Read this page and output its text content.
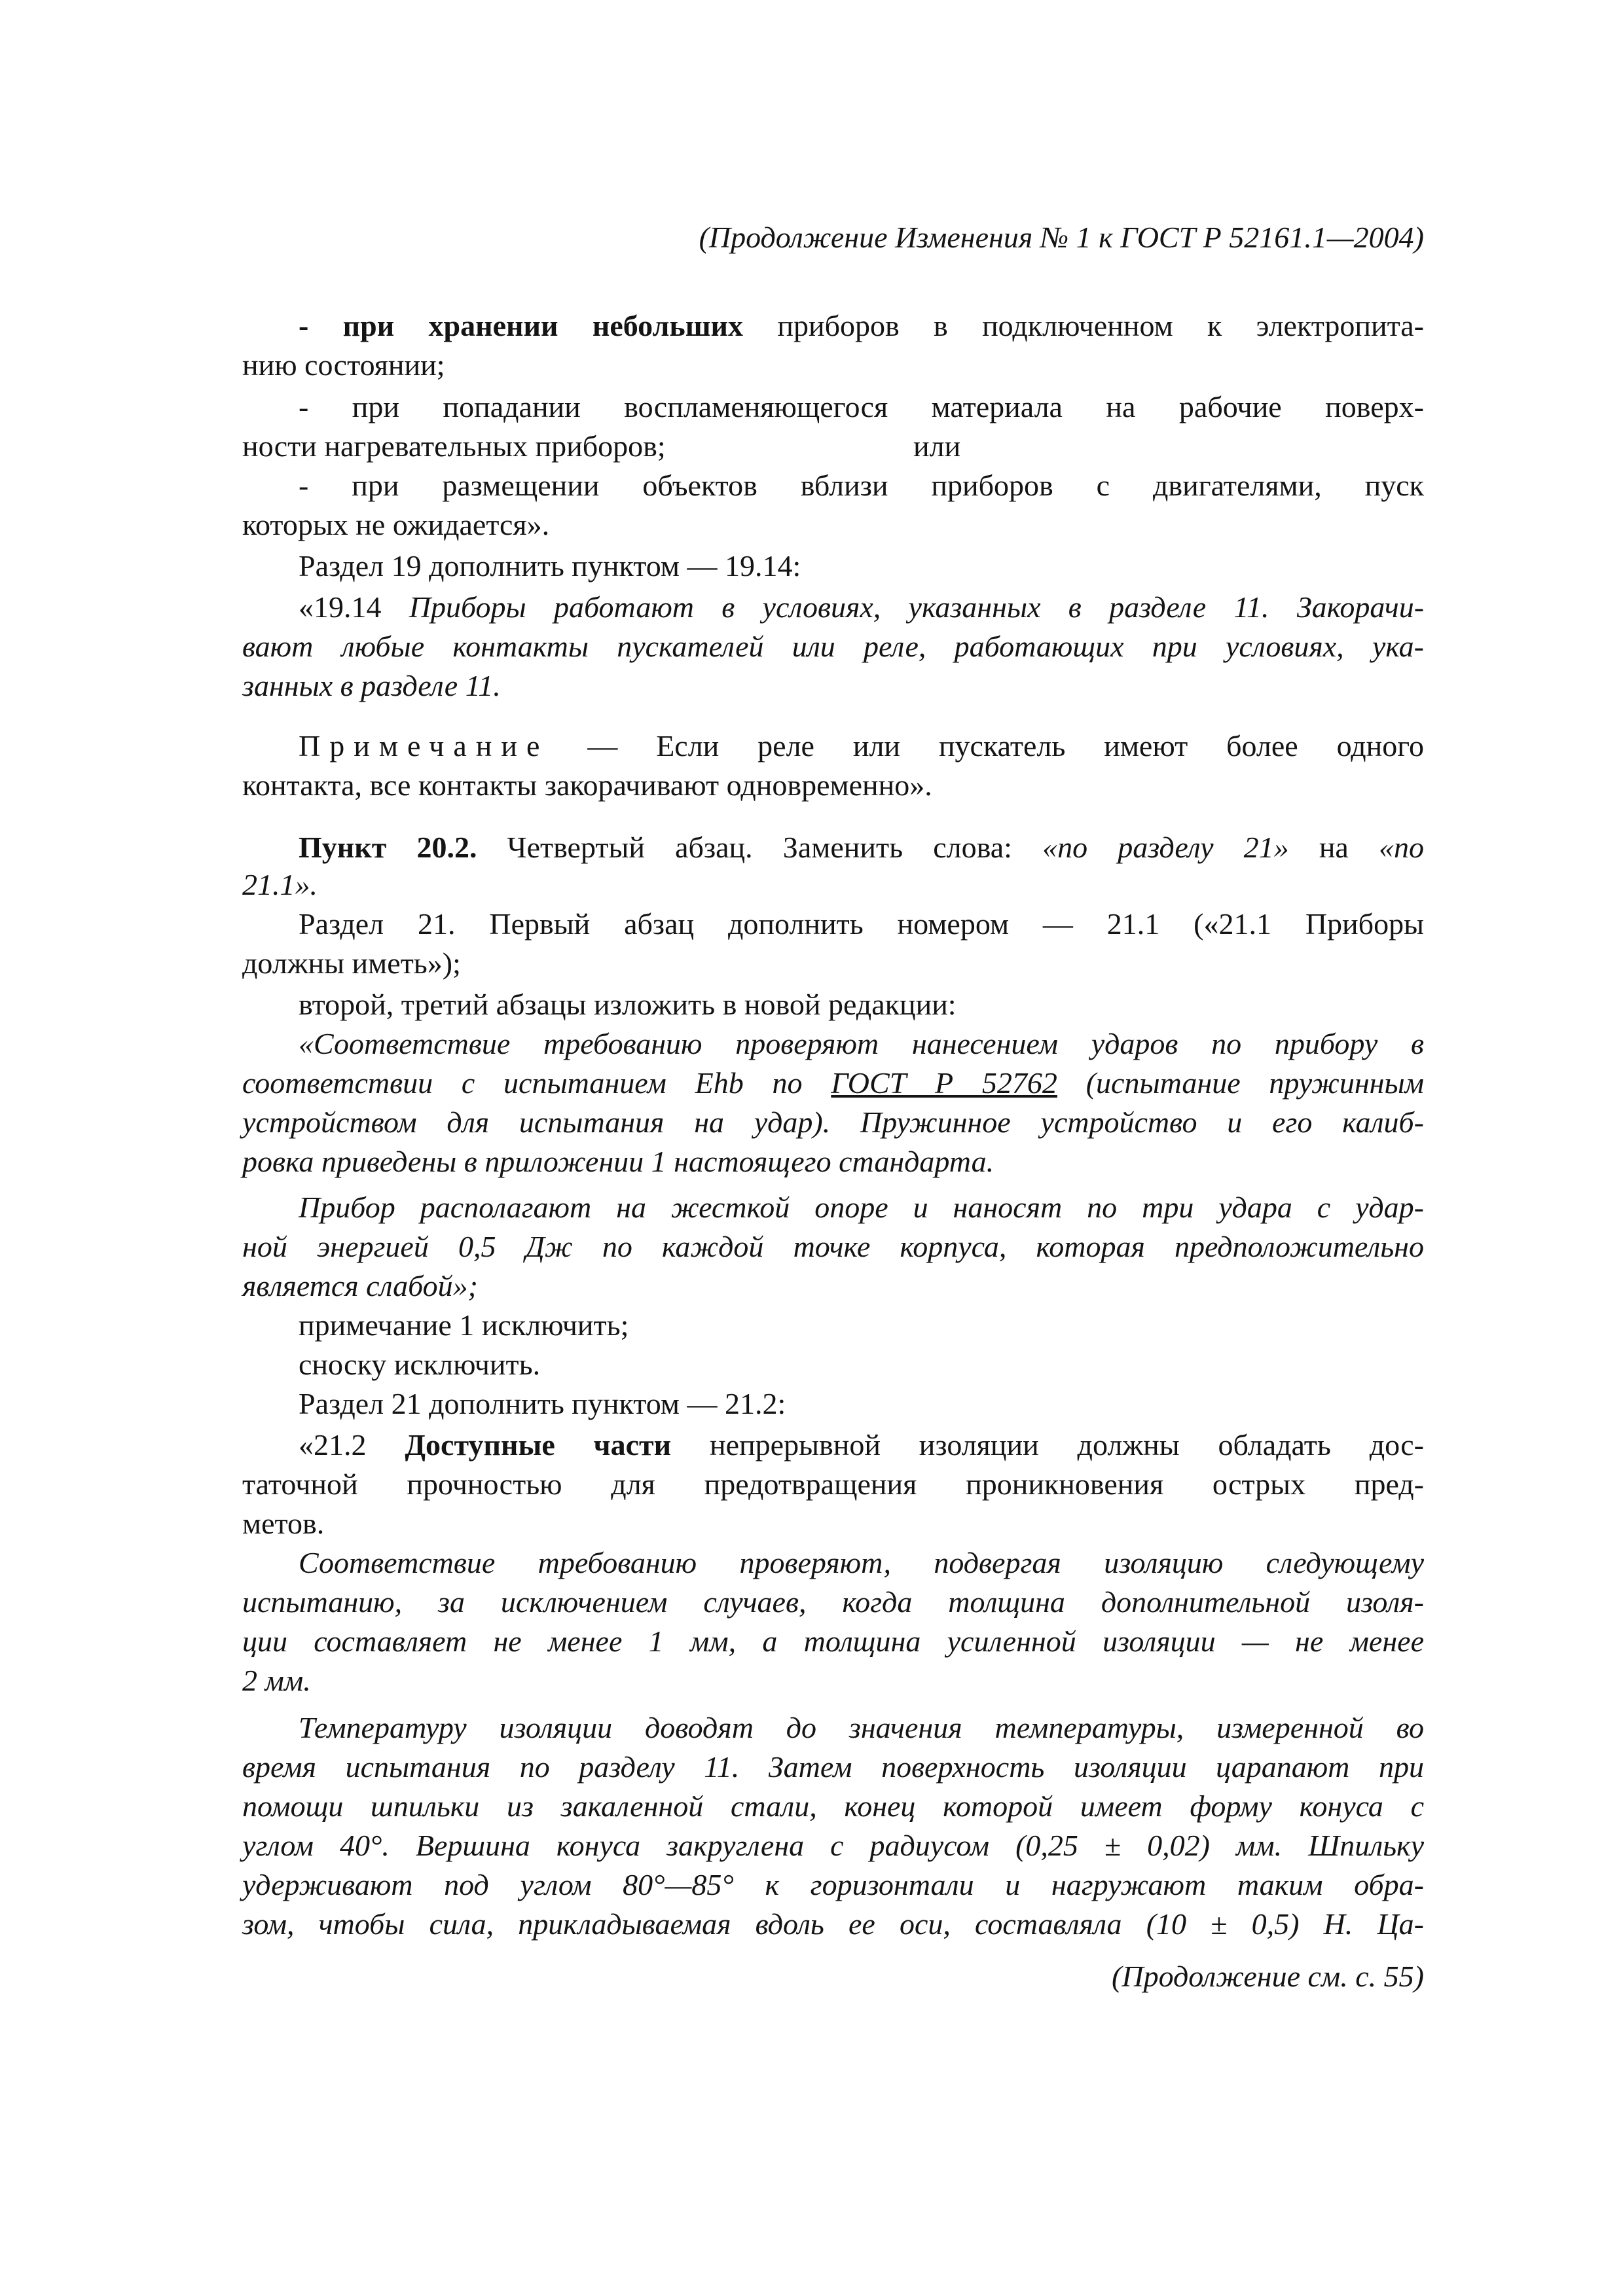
(Продолжение Изменения № 1 к ГОСТ Р 52161.1—2004)
- при хранении небольших приборов в подключенном к электропита-
нию состоянии;
- при попадании воспламеняющегося материала на рабочие поверх-
ности нагревательных приборов;	или
- при размещении объектов вблизи приборов с двигателями, пуск
которых не ожидается».
Раздел 19 дополнить пунктом — 19.14:
«19.14 Приборы работают в условиях, указанных в разделе 11. Закорачи-
вают любые контакты пускателей или реле, работающих при условиях, ука-
занных в разделе 11.
Примечание — Если реле или пускатель имеют более одного
контакта, все контакты закорачивают одновременно».
Пункт 20.2. Четвертый абзац. Заменить слова: «по разделу 21» на «по
21.1».
Раздел 21. Первый абзац дополнить номером — 21.1 («21.1 Приборы
должны иметь»);
второй, третий абзацы изложить в новой редакции:
«Соответствие требованию проверяют нанесением ударов по прибору в
соответствии с испытанием Ehb по ГОСТ Р 52762 (испытание пружинным
устройством для испытания на удар). Пружинное устройство и его калиб-
ровка приведены в приложении 1 настоящего стандарта.
Прибор располагают на жесткой опоре и наносят по три удара с удар-
ной энергией 0,5 Дж по каждой точке корпуса, которая предположительно
является слабой»;
примечание 1 исключить;
сноску исключить.
Раздел 21 дополнить пунктом — 21.2:
«21.2 Доступные части непрерывной изоляции должны обладать дос-
таточной прочностью для предотвращения проникновения острых пред-
метов.
Соответствие требованию проверяют, подвергая изоляцию следующему
испытанию, за исключением случаев, когда толщина дополнительной изоля-
ции составляет не менее 1 мм, а толщина усиленной изоляции — не менее
2 мм.
Температуру изоляции доводят до значения температуры, измеренной во
время испытания по разделу 11. Затем поверхность изоляции царапают при
помощи шпильки из закаленной стали, конец которой имеет форму конуса с
углом 40°. Вершина конуса закруглена с радиусом (0,25 ± 0,02) мм. Шпильку
удерживают под углом 80°—85° к горизонтали и нагружают таким обра-
зом, чтобы сила, прикладываемая вдоль ее оси, составляла (10 ± 0,5) Н. Ца-
(Продолжение см. с. 55)
